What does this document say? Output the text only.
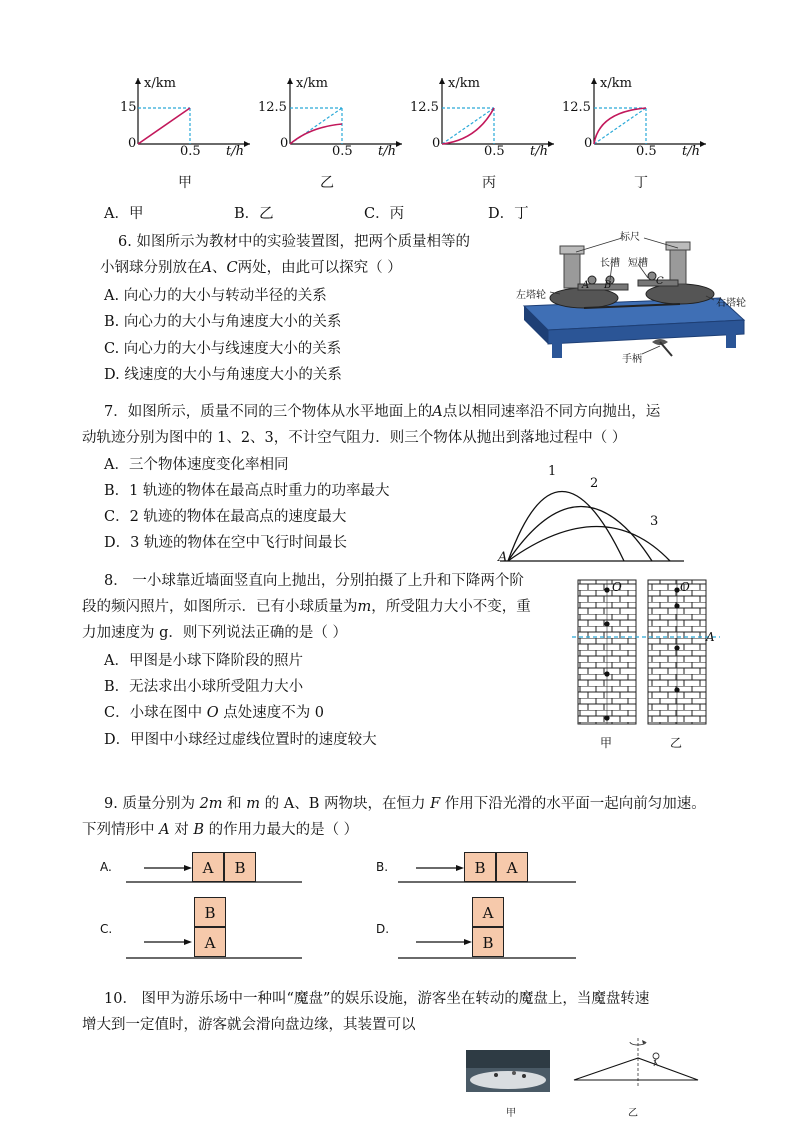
x/km
15
0
0.5 t/h
甲
x/km
12.5
0
0.5 t/h
乙
x/km
12.5
0
0.5 t/h
丙
x/km
12.5
0
0.5 t/h
丁
A．甲	B．乙	C．丙	D．丁
6. 如图所示为教材中的实验装置图，把两个质量相等的
小钢球分别放在A、C两处，由此可以探究（ ）
A. 向心力的大小与转动半径的关系
B. 向心力的大小与角速度大小的关系
C. 向心力的大小与线速度大小的关系
D. 线速度的大小与角速度大小的关系
标尺
长槽 短槽
左塔轮
右塔轮
手柄
A B	C
7．如图所示，质量不同的三个物体从水平地面上的A点以相同速率沿不同方向抛出，运
动轨迹分别为图中的 1、2、3，不计空气阻力．则三个物体从抛出到落地过程中（ ）
A．三个物体速度变化率相同
B．1 轨迹的物体在最高点时重力的功率最大
C．2 轨迹的物体在最高点的速度最大
D．3 轨迹的物体在空中飞行时间最长
1
2
3
A
8． 一小球靠近墙面竖直向上抛出，分别拍摄了上升和下降两个阶
段的频闪照片，如图所示．已有小球质量为m，所受阻力大小不变，重
力加速度为 g．则下列说法正确的是（ ）
A．甲图是小球下降阶段的照片
B．无法求出小球所受阻力大小
C．小球在图中 O 点处速度不为 0
D．甲图中小球经过虚线位置时的速度较大
O	O
A
甲	乙
9. 质量分别为 2m 和 m 的 A、B 两物块，在恒力 F 作用下沿光滑的水平面一起向前匀加速。
下列情形中 A 对 B 的作用力最大的是（ ）
A.	A	B	B.	B	A
C.
B
A
D.
A
B
10． 图甲为游乐场中一种叫“魔盘”的娱乐设施，游客坐在转动的魔盘上，当魔盘转速
增大到一定值时，游客就会滑向盘边缘，其装置可以
甲	乙
